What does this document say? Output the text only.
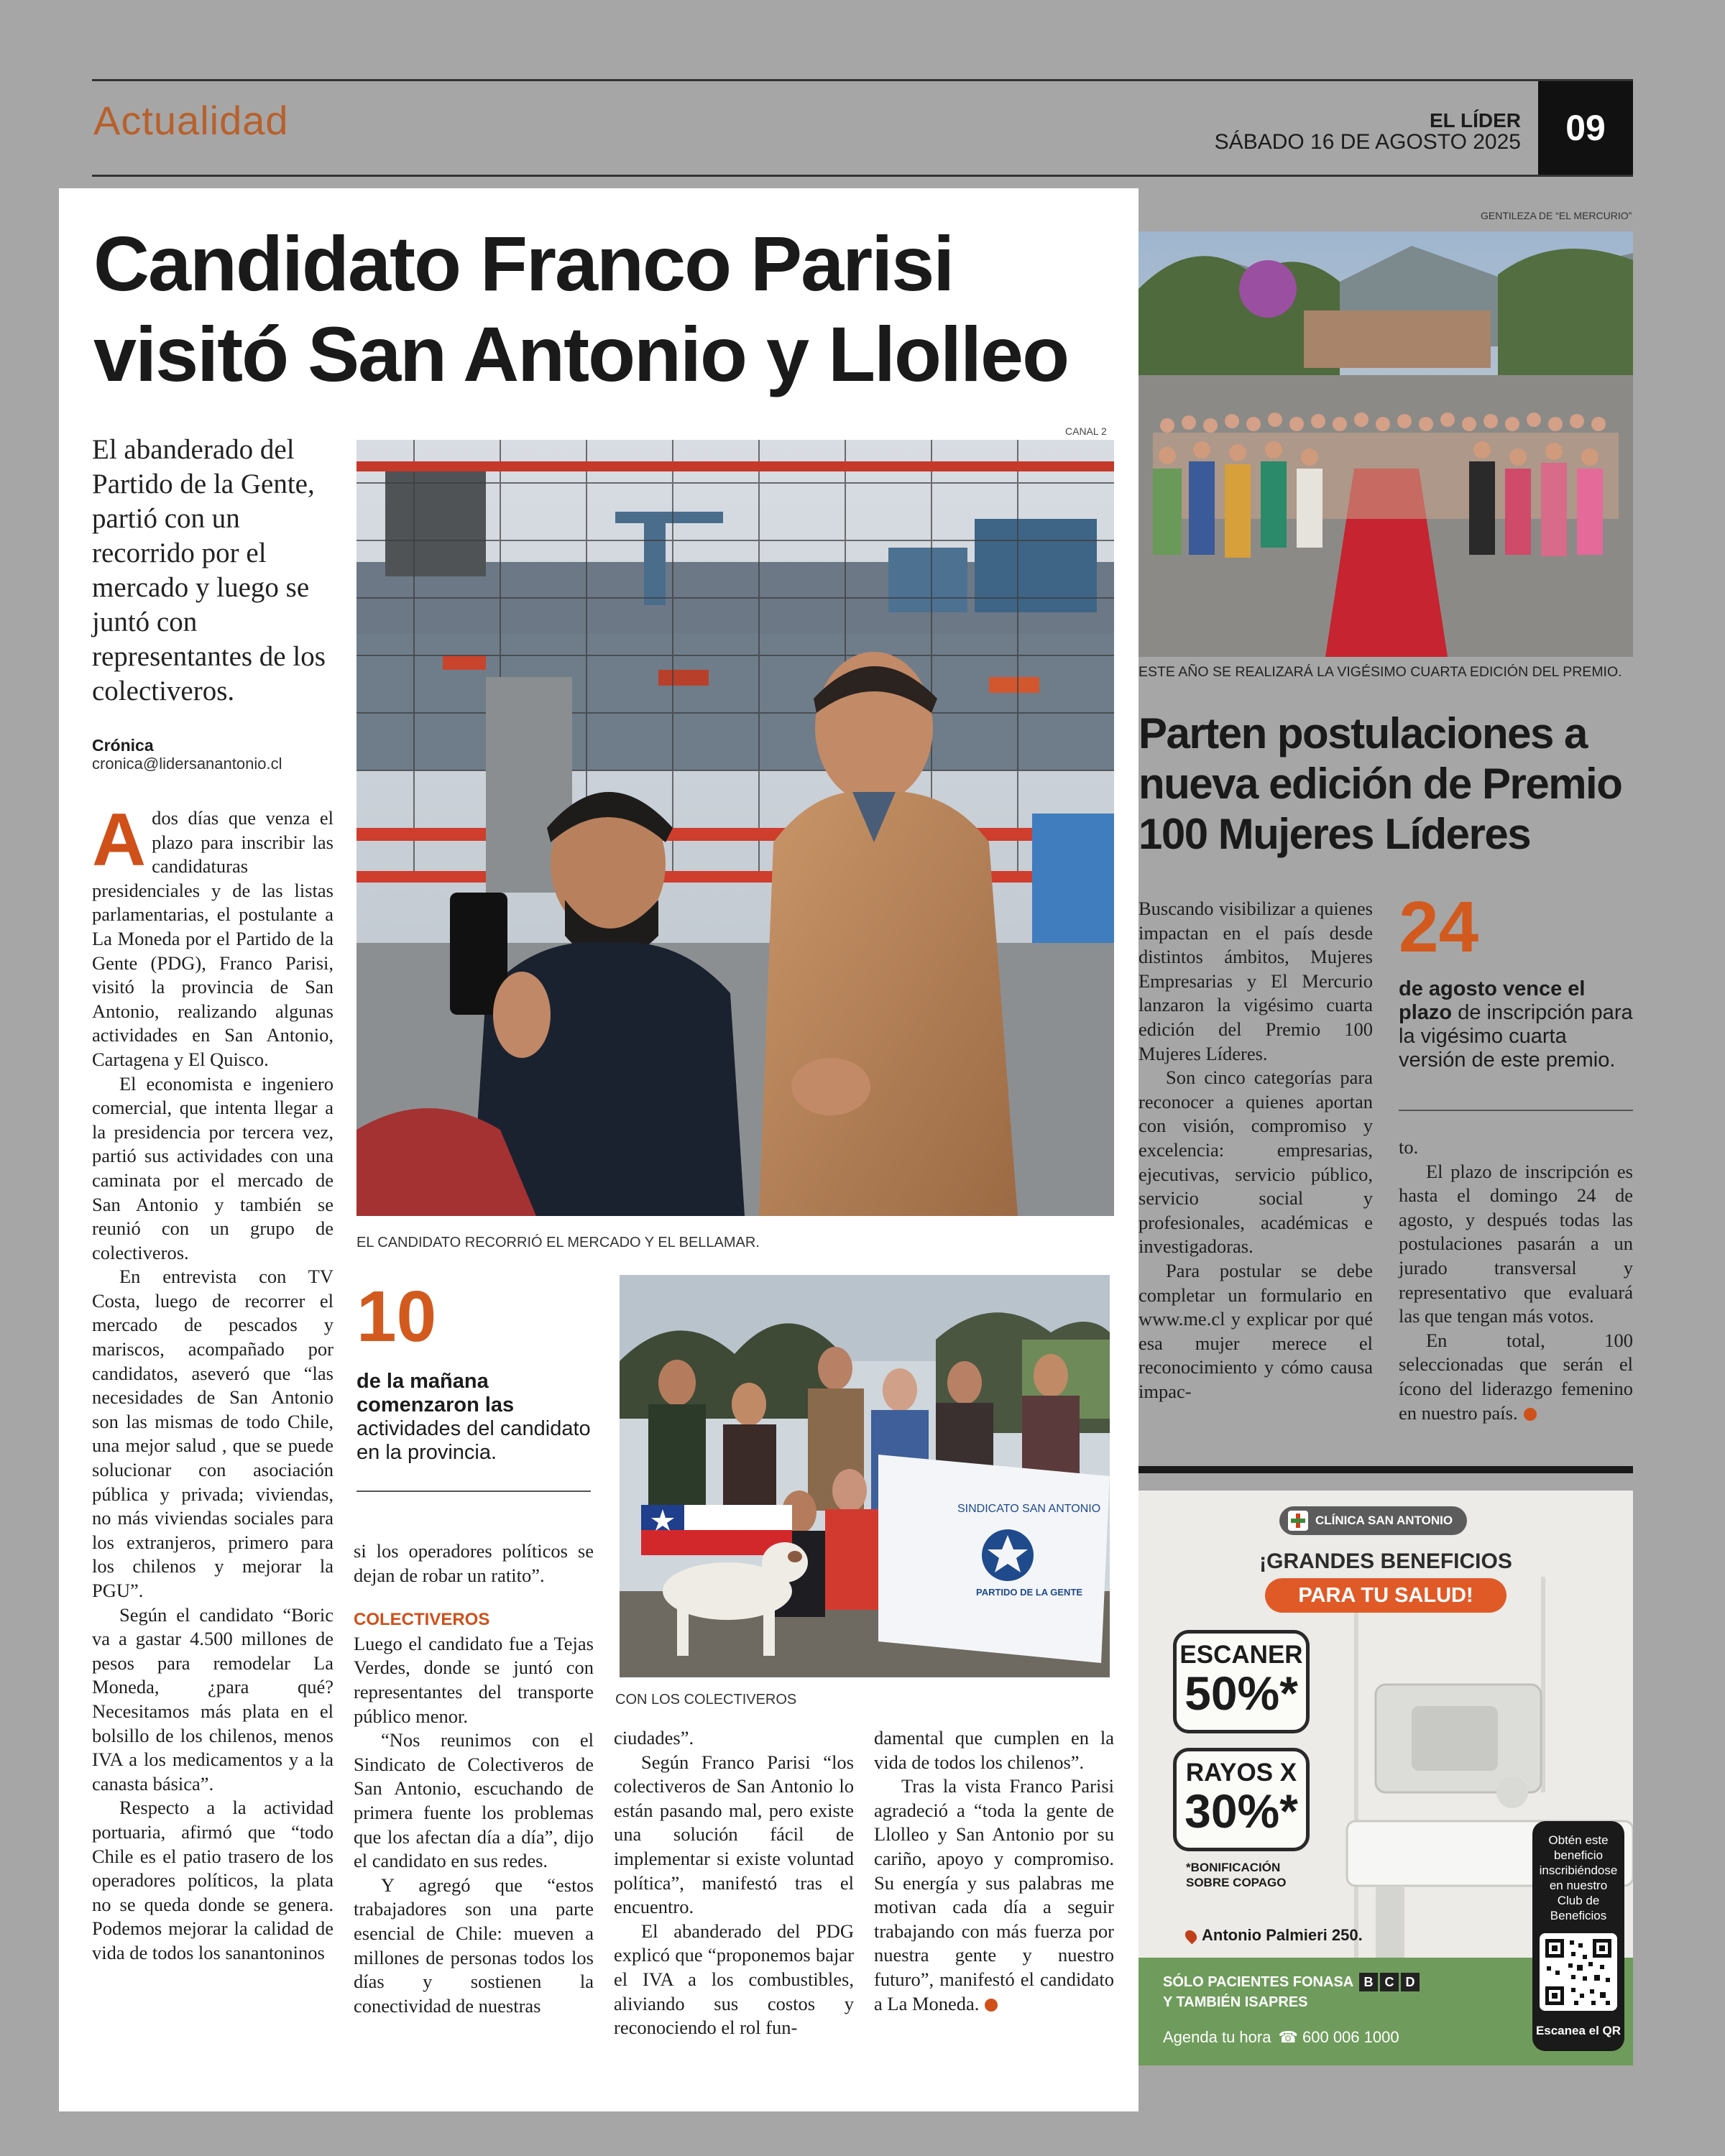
Actualidad	EL LÍDER
SÁBADO 16 DE AGOSTO 2025	09
Candidato Franco Parisi visitó San Antonio y Llolleo
CANAL 2
El abanderado del Partido de la Gente, partió con un recorrido por el mercado y luego se juntó con representantes de los colectiveros.
Crónica
cronica@lidersanantonio.cl

Ados días que venza el plazo para inscribir las candidaturas presidenciales y de las listas parlamentarias, el postulante a La Moneda por el Partido de la Gente (PDG), Franco Parisi, visitó la provincia de San Antonio, realizando algunas actividades en San Antonio, Cartagena y El Quisco.

El economista e ingeniero comercial, que intenta llegar a la presidencia por tercera vez, partió sus actividades con una caminata por el mercado de San Antonio y también se reunió con un grupo de colectiveros.

En entrevista con TV Costa, luego de recorrer el mercado de pescados y mariscos, acompañado por candidatos, aseveró que “las necesidades de San Antonio son las mismas de todo Chile, una mejor salud , que se puede solucionar con asociación pública y privada; viviendas, no más viviendas sociales para los extranjeros, primero para los chilenos y mejorar la PGU”.

Según el candidato “Boric va a gastar 4.500 millones de pesos para remodelar La Moneda, ¿para qué? Necesitamos más plata en el bolsillo de los chilenos, menos IVA a los medicamentos y a la canasta básica”.

Respecto a la actividad portuaria, afirmó que “todo Chile es el patio trasero de los operadores políticos, la plata no se queda donde se genera. Podemos mejorar la calidad de vida de todos los sanantoninos

EL CANDIDATO RECORRIÓ EL MERCADO Y EL BELLAMAR.
10
de la mañana comenzaron las actividades del candidato en la provincia.
SINDICATO SAN ANTONIO
PARTIDO DE LA GENTE
CON LOS COLECTIVEROS

si los operadores políticos se dejan de robar un ratito”.

COLECTIVEROS

Luego el candidato fue a Tejas Verdes, donde se juntó con representantes del transporte público menor.

“Nos reunimos con el Sindicato de Colectiveros de San Antonio, escuchando de primera fuente los problemas que los afectan día a día”, dijo el candidato en sus redes.

Y agregó que “estos trabajadores son una parte esencial de Chile: mueven a millones de personas todos los días y sostienen la conectividad de nuestras

ciudades”.

Según Franco Parisi “los colectiveros de San Antonio lo están pasando mal, pero existe una solución fácil de implementar si existe voluntad política”, manifestó tras el encuentro.

El abanderado del PDG explicó que “proponemos bajar el IVA a los combustibles, aliviando sus costos y reconociendo el rol fun-

damental que cumplen en la vida de todos los chilenos”.

Tras la vista Franco Parisi agradeció a “toda la gente de Llolleo y San Antonio por su cariño, apoyo y compromiso. Su energía y sus palabras me motivan cada día a seguir trabajando con más fuerza por nuestra gente y nuestro futuro”, manifestó el candidato a La Moneda.

GENTILEZA DE “EL MERCURIO”
ESTE AÑO SE REALIZARÁ LA VIGÉSIMO CUARTA EDICIÓN DEL PREMIO.
Parten postulaciones a nueva edición de Premio 100 Mujeres Líderes

Buscando visibilizar a quienes impactan en el país desde distintos ámbitos, Mujeres Empresarias y El Mercurio lanzaron la vigésimo cuarta edición del Premio 100 Mujeres Líderes.

Son cinco categorías para reconocer a quienes aportan con visión, compromiso y excelencia: empresarias, ejecutivas, servicio público, servicio social y profesionales, académicas e investigadoras.

Para postular se debe completar un formulario en www.me.cl y explicar por qué esa mujer merece el reconocimiento y cómo causa impac-

24
de agosto vence el plazo de inscripción para la vigésimo cuarta versión de este premio.

to.

El plazo de inscripción es hasta el domingo 24 de agosto, y después todas las postulaciones pasarán a un jurado transversal y representativo que evaluará las que tengan más votos.

En total, 100 seleccionadas que serán el ícono del liderazgo femenino en nuestro país.

CLÍNICA SAN ANTONIO
¡GRANDES BENEFICIOS
PARA TU SALUD!
ESCANER
50%*
RAYOS X
30%*
*BONIFICACIÓN
SOBRE COPAGO
Antonio Palmieri 250.
SÓLO PACIENTES FONASA B C D
Y TAMBIÉN ISAPRES
Agenda tu hora ☎ 600 006 1000
Obtén este beneficio inscribiéndose en nuestro Club de Beneficios
Escanea el QR
